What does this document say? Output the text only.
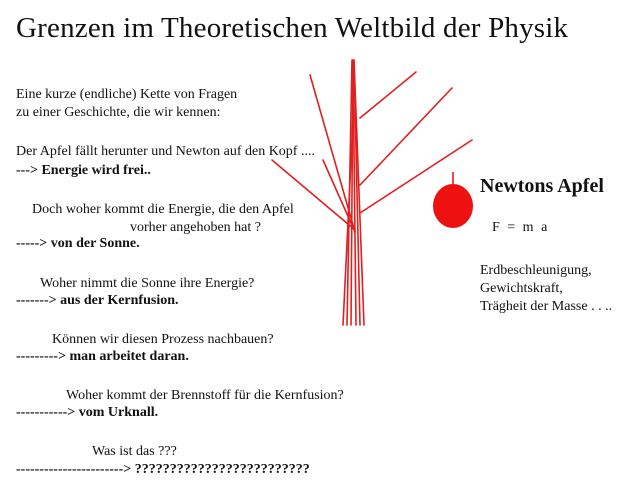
Grenzen im Theoretischen Weltbild der Physik
Eine kurze (endliche) Kette von Fragen
zu einer Geschichte, die wir kennen:
Der Apfel fällt herunter und Newton auf den Kopf ....
---> Energie wird frei..
Doch woher kommt die Energie, die den Apfel
vorher angehoben hat ?
-----> von der Sonne.
Woher nimmt die Sonne ihre Energie?
-------> aus der Kernfusion.
Können wir diesen Prozess nachbauen?
---------> man arbeitet daran.
Woher kommt der Brennstoff für die Kernfusion?
-----------> vom Urknall.
Was ist das ???
-----------------------> ?????????????????????????
Newtons Apfel
F = m a
Erdbeschleunigung,
Gewichtskraft,
Trägheit der Masse . . ..
